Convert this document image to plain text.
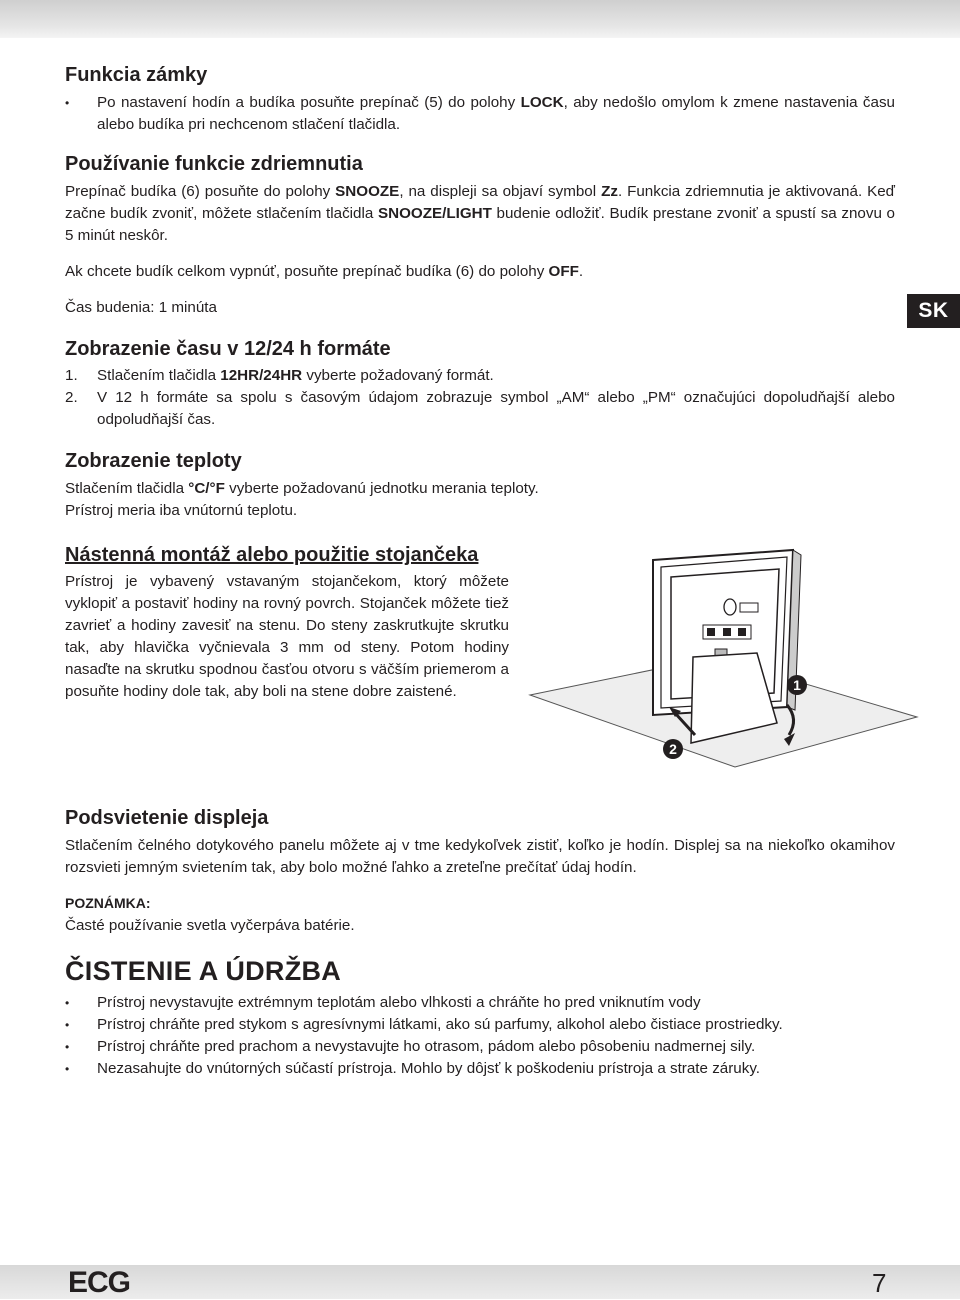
Funkcia zámky
• Po nastavení hodín a budíka posuňte prepínač (5) do polohy LOCK, aby nedošlo omylom k zmene nastavenia času alebo budíka pri nechcenom stlačení tlačidla.
Používanie funkcie zdriemnutia

Prepínač budíka (6) posuňte do polohy SNOOZE, na displeji sa objaví symbol Zz. Funkcia zdriemnutia je aktivovaná. Keď začne budík zvoniť, môžete stlačením tlačidla SNOOZE/LIGHT budenie odložiť. Budík prestane zvoniť a spustí sa znovu o 5 minút neskôr.

Ak chcete budík celkom vypnúť, posuňte prepínač budíka (6) do polohy OFF.

Čas budenia: 1 minúta

Zobrazenie času v 12/24 h formáte
1. Stlačením tlačidla 12HR/24HR vyberte požadovaný formát.
2. V 12 h formáte sa spolu s časovým údajom zobrazuje symbol „AM“ alebo „PM“ označujúci dopoludňajší alebo odpoludňajší čas.
Zobrazenie teploty

Stlačením tlačidla °C/°F vyberte požadovanú jednotku merania teploty.

Prístroj meria iba vnútornú teplotu.

Nástenná montáž alebo použitie stojančeka

Prístroj je vybavený vstavaným stojančekom, ktorý môžete vyklopiť a postaviť hodiny na rovný povrch. Stojanček môžete tiež zavrieť a hodiny zavesiť na stenu. Do steny zaskrutkujte skrutku tak, aby hlavička vyčnievala 3 mm od steny. Potom hodiny nasaďte na skrutku spodnou časťou otvoru s väčším priemerom a posuňte hodiny dole tak, aby boli na stene dobre zaistené.

Podsvietenie displeja

Stlačením čelného dotykového panelu môžete aj v tme kedykoľvek zistiť, koľko je hodín. Displej sa na niekoľko okamihov rozsvieti jemným svietením tak, aby bolo možné ľahko a zreteľne prečítať údaj hodín.

POZNÁMKA:

Časté používanie svetla vyčerpáva batérie.

ČISTENIE A ÚDRŽBA
• Prístroj nevystavujte extrémnym teplotám alebo vlhkosti a chráňte ho pred vniknutím vody
• Prístroj chráňte pred stykom s agresívnymi látkami, ako sú parfumy, alkohol alebo čistiace prostriedky.
• Prístroj chráňte pred prachom a nevystavujte ho otrasom, pádom alebo pôsobeniu nadmernej sily.
• Nezasahujte do vnútorných súčastí prístroja. Mohlo by dôjsť k poškodeniu prístroja a strate záruky.
1
2
SK
ECG	7
